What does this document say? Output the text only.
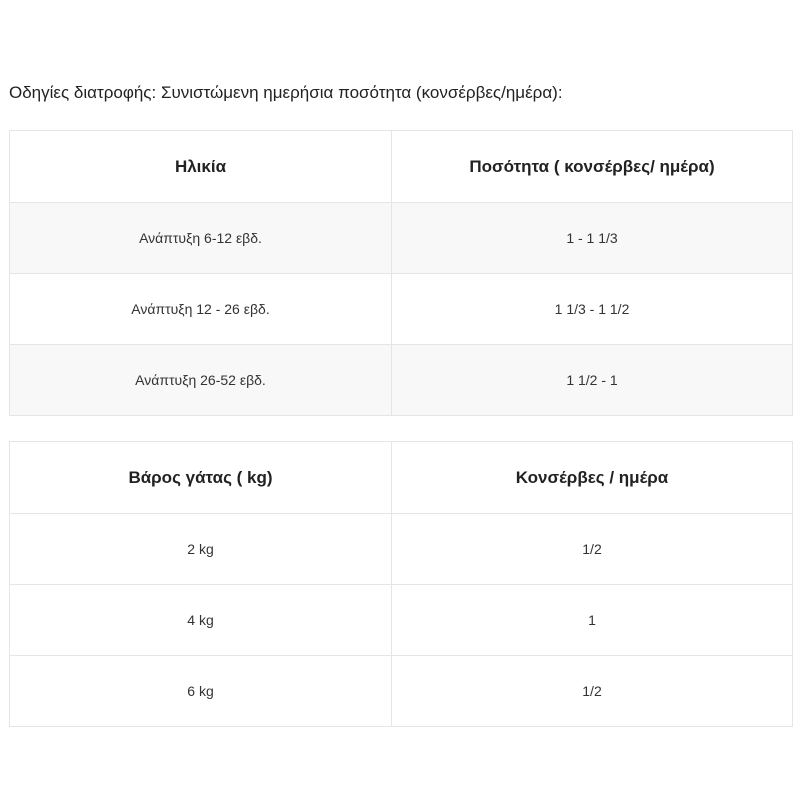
Οδηγίες διατροφής: Συνιστώμενη ημερήσια ποσότητα (κονσέρβες/ημέρα):
Ηλικία	Ποσότητα ( κονσέρβες/ ημέρα)
Ανάπτυξη 6-12 εβδ.	1 - 1 1/3
Ανάπτυξη 12 - 26 εβδ.	1 1/3 - 1 1/2
Ανάπτυξη 26-52 εβδ.	1 1/2 - 1
Βάρος γάτας ( kg)	Κονσέρβες / ημέρα
2 kg	1/2
4 kg	1
6 kg	1/2
